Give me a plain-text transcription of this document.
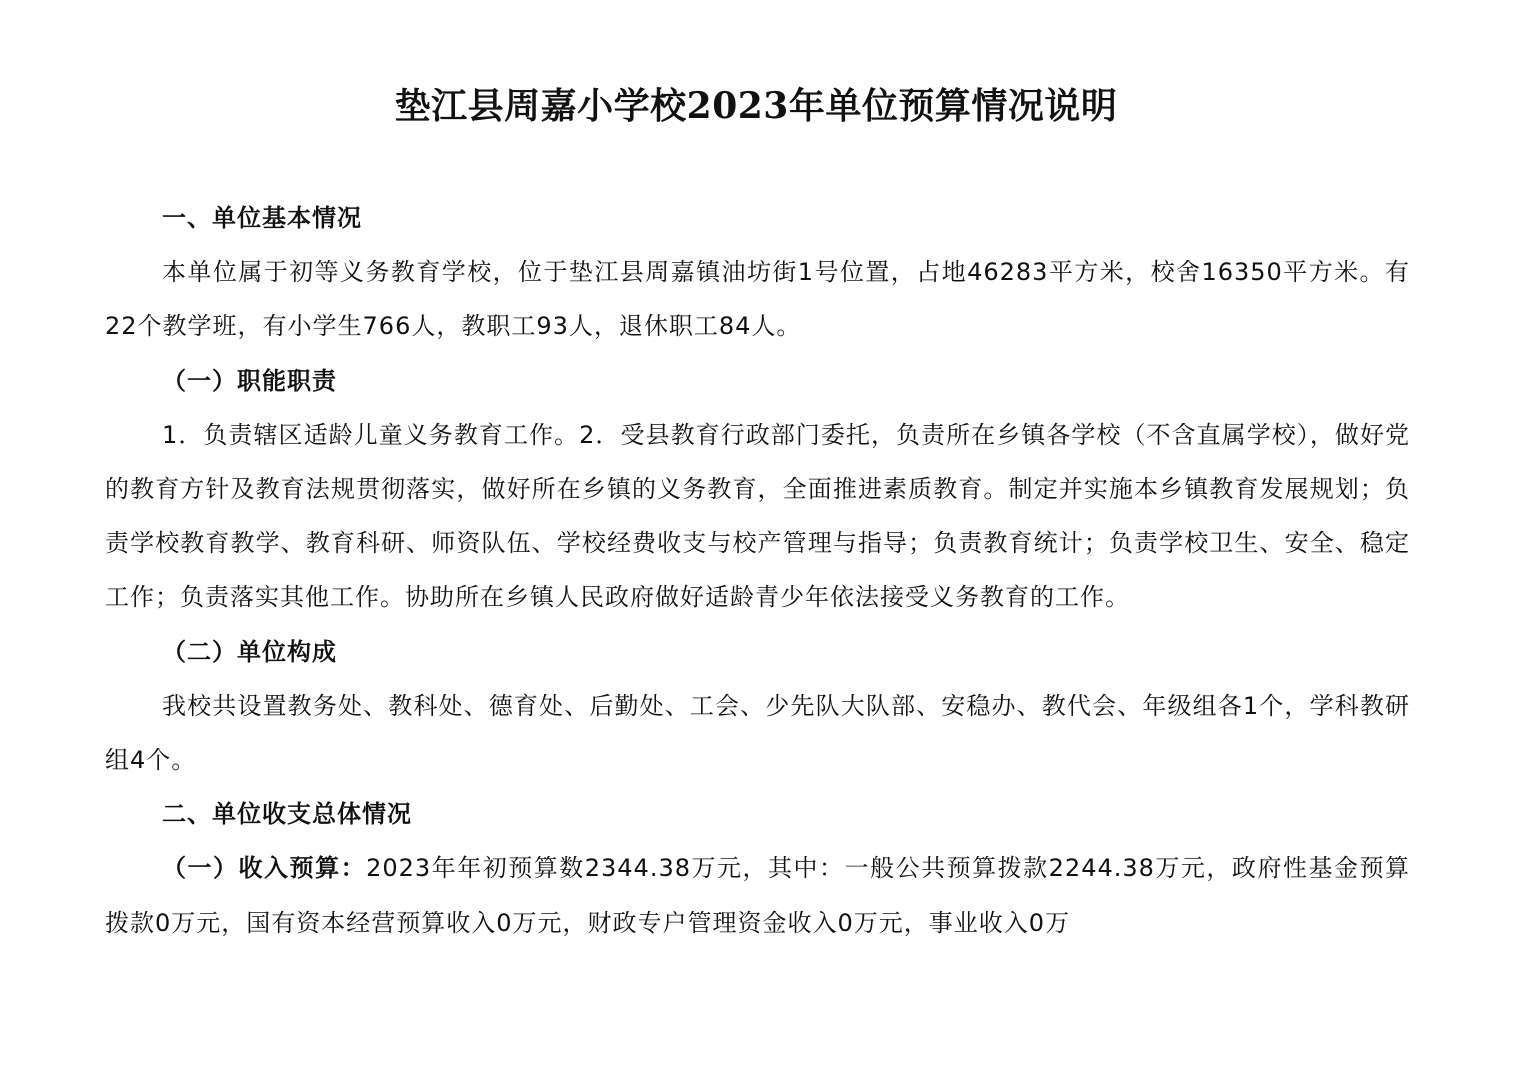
垫江县周嘉小学校2023年单位预算情况说明

一、单位基本情况

本单位属于初等义务教育学校，位于垫江县周嘉镇油坊街1号位置，占地46283平方米，校舍16350平方米。有22个教学班，有小学生766人，教职工93人，退休职工84人。

（一）职能职责

1．负责辖区适龄儿童义务教育工作。2．受县教育行政部门委托，负责所在乡镇各学校（不含直属学校），做好党的教育方针及教育法规贯彻落实，做好所在乡镇的义务教育，全面推进素质教育。制定并实施本乡镇教育发展规划；负责学校教育教学、教育科研、师资队伍、学校经费收支与校产管理与指导；负责教育统计；负责学校卫生、安全、稳定工作；负责落实其他工作。协助所在乡镇人民政府做好适龄青少年依法接受义务教育的工作。

（二）单位构成

我校共设置教务处、教科处、德育处、后勤处、工会、少先队大队部、安稳办、教代会、年级组各1个，学科教研组4个。

二、单位收支总体情况

（一）收入预算：2023年年初预算数2344.38万元，其中：一般公共预算拨款2244.38万元，政府性基金预算拨款0万元，国有资本经营预算收入0万元，财政专户管理资金收入0万元，事业收入0万
